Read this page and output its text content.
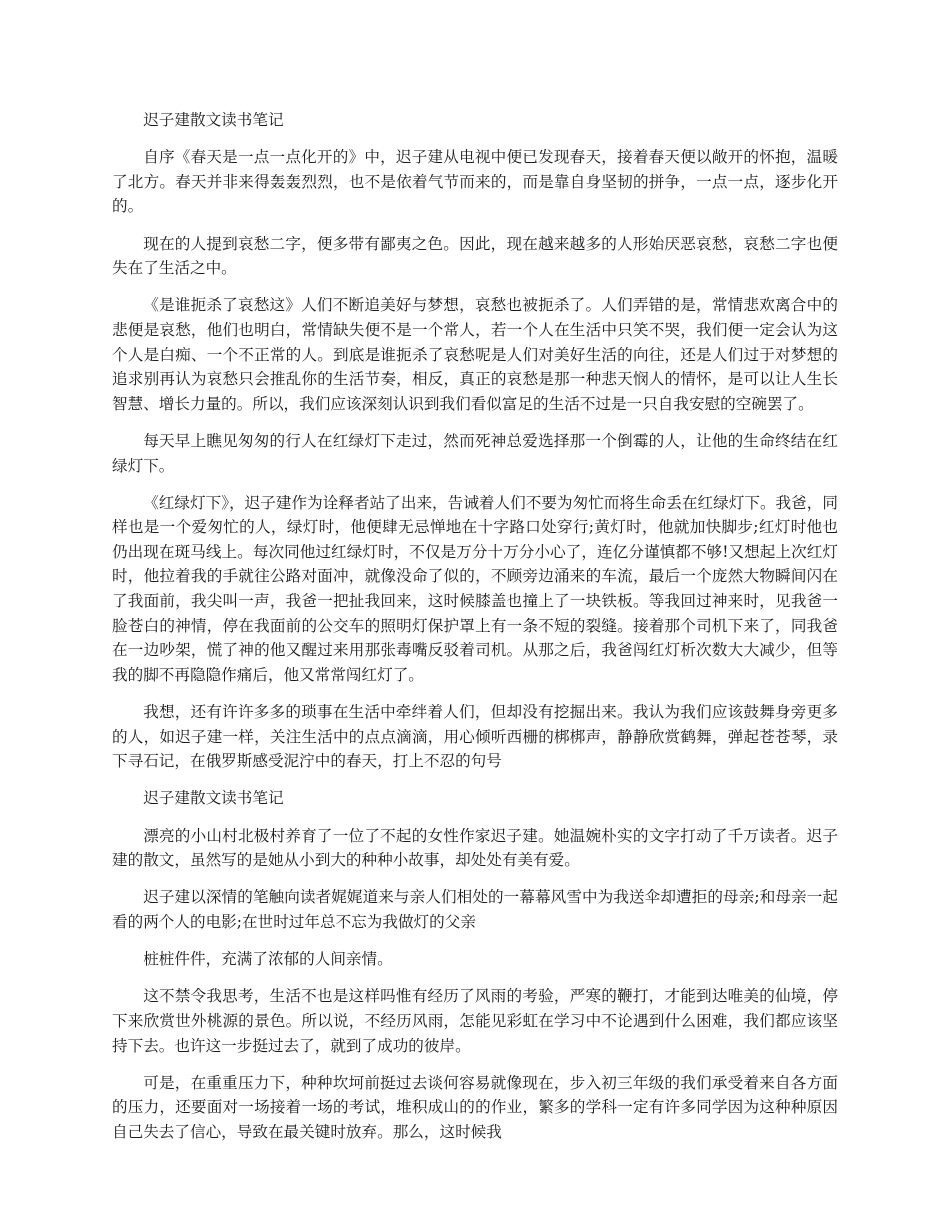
迟子建散文读书笔记

自序《春天是一点一点化开的》中，迟子建从电视中便已发现春天，接着春天便以敞开的怀抱，温暖了北方。春天并非来得轰轰烈烈，也不是依着气节而来的，而是靠自身坚韧的拼争，一点一点，逐步化开的。

现在的人提到哀愁二字，便多带有鄙夷之色。因此，现在越来越多的人形始厌恶哀愁，哀愁二字也便失在了生活之中。

《是谁扼杀了哀愁这》人们不断追美好与梦想，哀愁也被扼杀了。人们弄错的是，常情悲欢离合中的悲便是哀愁，他们也明白，常情缺失便不是一个常人，若一个人在生活中只笑不哭，我们便一定会认为这个人是白痴、一个不正常的人。到底是谁扼杀了哀愁呢是人们对美好生活的向往，还是人们过于对梦想的追求别再认为哀愁只会推乱你的生活节奏，相反，真正的哀愁是那一种悲天悯人的情怀，是可以让人生长智慧、增长力量的。所以，我们应该深刻认识到我们看似富足的生活不过是一只自我安慰的空碗罢了。

每天早上瞧见匆匆的行人在红绿灯下走过，然而死神总爱选择那一个倒霉的人，让他的生命终结在红绿灯下。

《红绿灯下》，迟子建作为诠释者站了出来，告诫着人们不要为匆忙而将生命丢在红绿灯下。我爸，同样也是一个爱匆忙的人，绿灯时，他便肆无忌惮地在十字路口处穿行;黄灯时，他就加快脚步;红灯时他也仍出现在斑马线上。每次同他过红绿灯时，不仅是万分十万分小心了，连亿分谨慎都不够!又想起上次红灯时，他拉着我的手就往公路对面冲，就像没命了似的，不顾旁边涌来的车流，最后一个庞然大物瞬间闪在了我面前，我尖叫一声，我爸一把扯我回来，这时候膝盖也撞上了一块铁板。等我回过神来时，见我爸一脸苍白的神情，停在我面前的公交车的照明灯保护罩上有一条不短的裂缝。接着那个司机下来了，同我爸在一边吵架，慌了神的他又醒过来用那张毒嘴反驳着司机。从那之后，我爸闯红灯析次数大大减少，但等我的脚不再隐隐作痛后，他又常常闯红灯了。

我想，还有许许多多的琐事在生活中牵绊着人们，但却没有挖掘出来。我认为我们应该鼓舞身旁更多的人，如迟子建一样，关注生活中的点点滴滴，用心倾听西栅的梆梆声，静静欣赏鹤舞，弹起苍苍琴，录下寻石记，在俄罗斯感受泥泞中的春天，打上不忍的句号

迟子建散文读书笔记

漂亮的小山村北极村养育了一位了不起的女性作家迟子建。她温婉朴实的文字打动了千万读者。迟子建的散文，虽然写的是她从小到大的种种小故事，却处处有美有爱。

迟子建以深情的笔触向读者娓娓道来与亲人们相处的一幕幕风雪中为我送伞却遭拒的母亲;和母亲一起看的两个人的电影;在世时过年总不忘为我做灯的父亲

桩桩件件，充满了浓郁的人间亲情。

这不禁令我思考，生活不也是这样吗惟有经历了风雨的考验，严寒的鞭打，才能到达唯美的仙境，停下来欣赏世外桃源的景色。所以说，不经历风雨，怎能见彩虹在学习中不论遇到什么困难，我们都应该坚持下去。也许这一步挺过去了，就到了成功的彼岸。

可是，在重重压力下，种种坎坷前挺过去谈何容易就像现在，步入初三年级的我们承受着来自各方面的压力，还要面对一场接着一场的考试，堆积成山的的作业，繁多的学科一定有许多同学因为这种种原因自己失去了信心，导致在最关键时放弃。那么，这时候我
